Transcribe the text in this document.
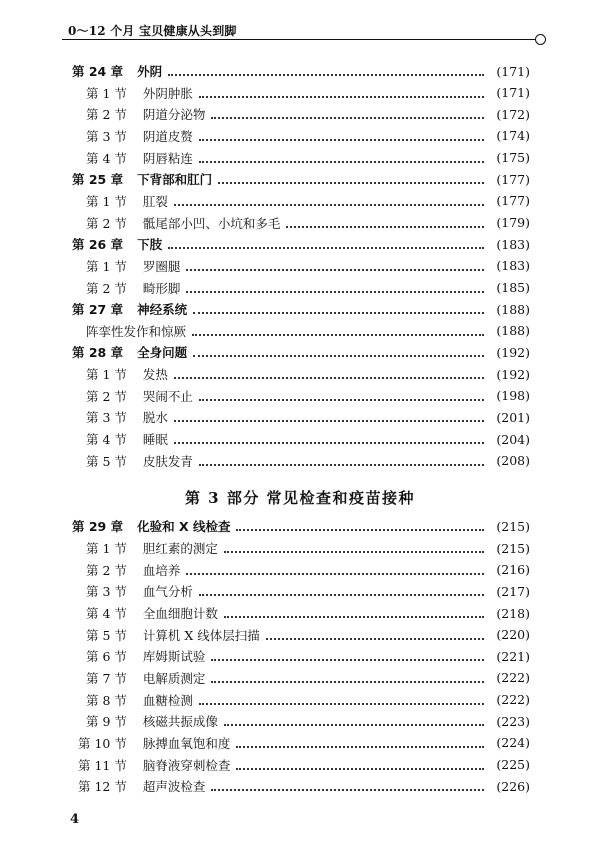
0～12 个月 宝贝健康从头到脚
第 24 章 外阴	(171)
第 1 节 外阴肿胀	(171)
第 2 节 阴道分泌物	(172)
第 3 节 阴道皮赘	(174)
第 4 节 阴唇粘连	(175)
第 25 章 下背部和肛门	(177)
第 1 节 肛裂	(177)
第 2 节 骶尾部小凹、小坑和多毛	(179)
第 26 章 下肢	(183)
第 1 节 罗圈腿	(183)
第 2 节 畸形脚	(185)
第 27 章 神经系统	(188)
阵挛性发作和惊厥	(188)
第 28 章 全身问题	(192)
第 1 节 发热	(192)
第 2 节 哭闹不止	(198)
第 3 节 脱水	(201)
第 4 节 睡眠	(204)
第 5 节 皮肤发青	(208)
第 29 章 化验和 X 线检查	(215)
第 1 节 胆红素的测定	(215)
第 2 节 血培养	(216)
第 3 节 血气分析	(217)
第 4 节 全血细胞计数	(218)
第 5 节 计算机 X 线体层扫描	(220)
第 6 节 库姆斯试验	(221)
第 7 节 电解质测定	(222)
第 8 节 血糖检测	(222)
第 9 节 核磁共振成像	(223)
第 10 节 脉搏血氧饱和度	(224)
第 11 节 脑脊液穿刺检查	(225)
第 12 节 超声波检查	(226)
第 3 部分 常见检查和疫苗接种
4
